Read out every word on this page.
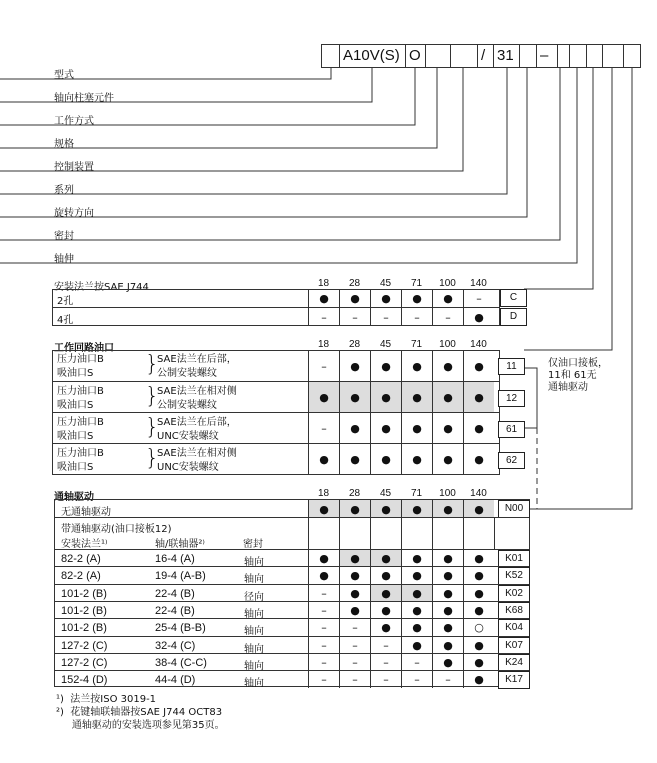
A10V(S) O	/ 31	–
型式
轴向柱塞元件
工作方式
规格
控制装置
系列
旋转方向
密封
轴伸
安装法兰按SAE J744	18	28	45	71	100	140
2孔	●	●	●	●	●	–	C
4孔	–	–	–	–	–	●	D
工作回路油口	18	28	45	71	100	140
压力油口B
吸油口S	}
SAE法兰在后部，
公制安装螺纹
–	●	●	●	●	●	11
压力油口B
吸油口S	}
SAE法兰在相对侧
公制安装螺纹
●	●	●	●	●	●	12
压力油口B
吸油口S	}
SAE法兰在后部，
UNC安装螺纹
–	●	●	●	●	●	61
压力油口B
吸油口S	}
SAE法兰在相对侧
UNC安装螺纹
●	●	●	●	●	●	62
仅油口接板，
11和 61无
通轴驱动
通轴驱动	18	28	45	71	100	140
无通轴驱动	●	●	●	●	●	●	N00
带通轴驱动(油口接板12)
安装法兰¹⁾	轴/联轴器²⁾	密封
82-2 (A)	16-4 (A)	轴向	●	●	●	●	●	●	K01
82-2 (A)	19-4 (A-B)	轴向	●	●	●	●	●	●	K52
101-2 (B)	22-4 (B)	径向	–	●	●	●	●	●	K02
101-2 (B)	22-4 (B)	轴向	–	●	●	●	●	●	K68
101-2 (B)	25-4 (B-B)	轴向	–	–	●	●	●	○	K04
127-2 (C)	32-4 (C)	轴向	–	–	–	●	●	●	K07
127-2 (C)	38-4 (C-C)	轴向	–	–	–	–	●	●	K24
152-4 (D)	44-4 (D)	轴向	–	–	–	–	–	●	K17
¹) 法兰按ISO 3019-1
²) 花键轴联轴器按SAE J744 OCT83
通轴驱动的安装选项参见第35页。
